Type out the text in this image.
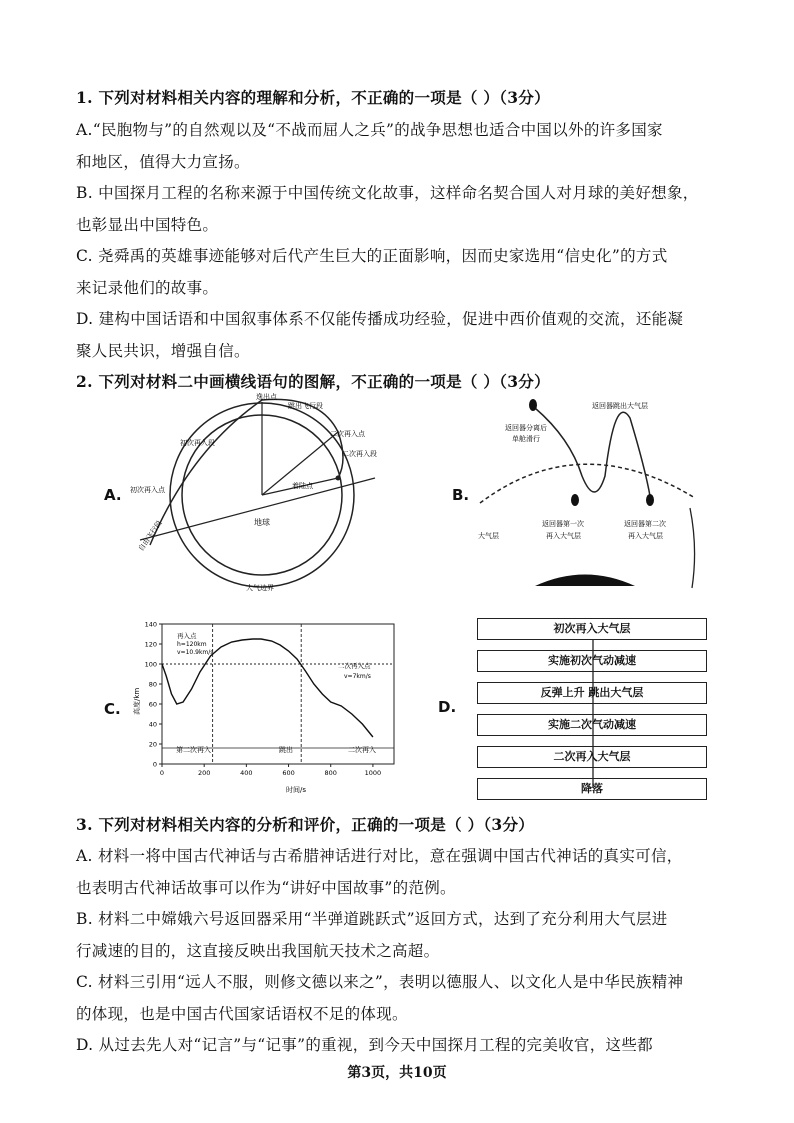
1. 下列对材料相关内容的理解和分析，不正确的一项是（ ）（3分）
A.“民胞物与”的自然观以及“不战而屈人之兵”的战争思想也适合中国以外的许多国家
和地区，值得大力宣扬。
B. 中国探月工程的名称来源于中国传统文化故事，这样命名契合国人对月球的美好想象，
也彰显出中国特色。
C. 尧舜禹的英雄事迹能够对后代产生巨大的正面影响，因而史家选用“信史化”的方式
来记录他们的故事。
D. 建构中国话语和中国叙事体系不仅能传播成功经验，促进中西价值观的交流，还能凝
聚人民共识，增强自信。
2. 下列对材料二中画横线语句的图解，不正确的一项是（ ）（3分）
A.
逸出点
跳出飞行段
初次再入段
二次再入点
二次再入段
初次再入点
自由飞行段
着陆点
地球
大气边界
B.
返回器分离后
单舱滑行
返回器跳出大气层
返回器第一次
再入大气层
返回器第二次
再入大气层
大气层
C. 高度/km
时间/s
再入点
h=120km
v=10.9km/s
二次再入点
v=7km/s
第二次再入	跳出	二次再入
0
20
40
60
80
100
120
140
0	200	400	600	800	1000
D.
初次再入大气层
实施初次气动减速
反弹上升 跳出大气层
实施二次气动减速
二次再入大气层
降落
3. 下列对材料相关内容的分析和评价，正确的一项是（ ）（3分）
A. 材料一将中国古代神话与古希腊神话进行对比，意在强调中国古代神话的真实可信，
也表明古代神话故事可以作为“讲好中国故事”的范例。
B. 材料二中嫦娥六号返回器采用“半弹道跳跃式”返回方式，达到了充分利用大气层进
行减速的目的，这直接反映出我国航天技术之高超。
C. 材料三引用“远人不服，则修文德以来之”，表明以德服人、以文化人是中华民族精神
的体现，也是中国古代国家话语权不足的体现。
D. 从过去先人对“记言”与“记事”的重视，到今天中国探月工程的完美收官，这些都
第3页，共10页
